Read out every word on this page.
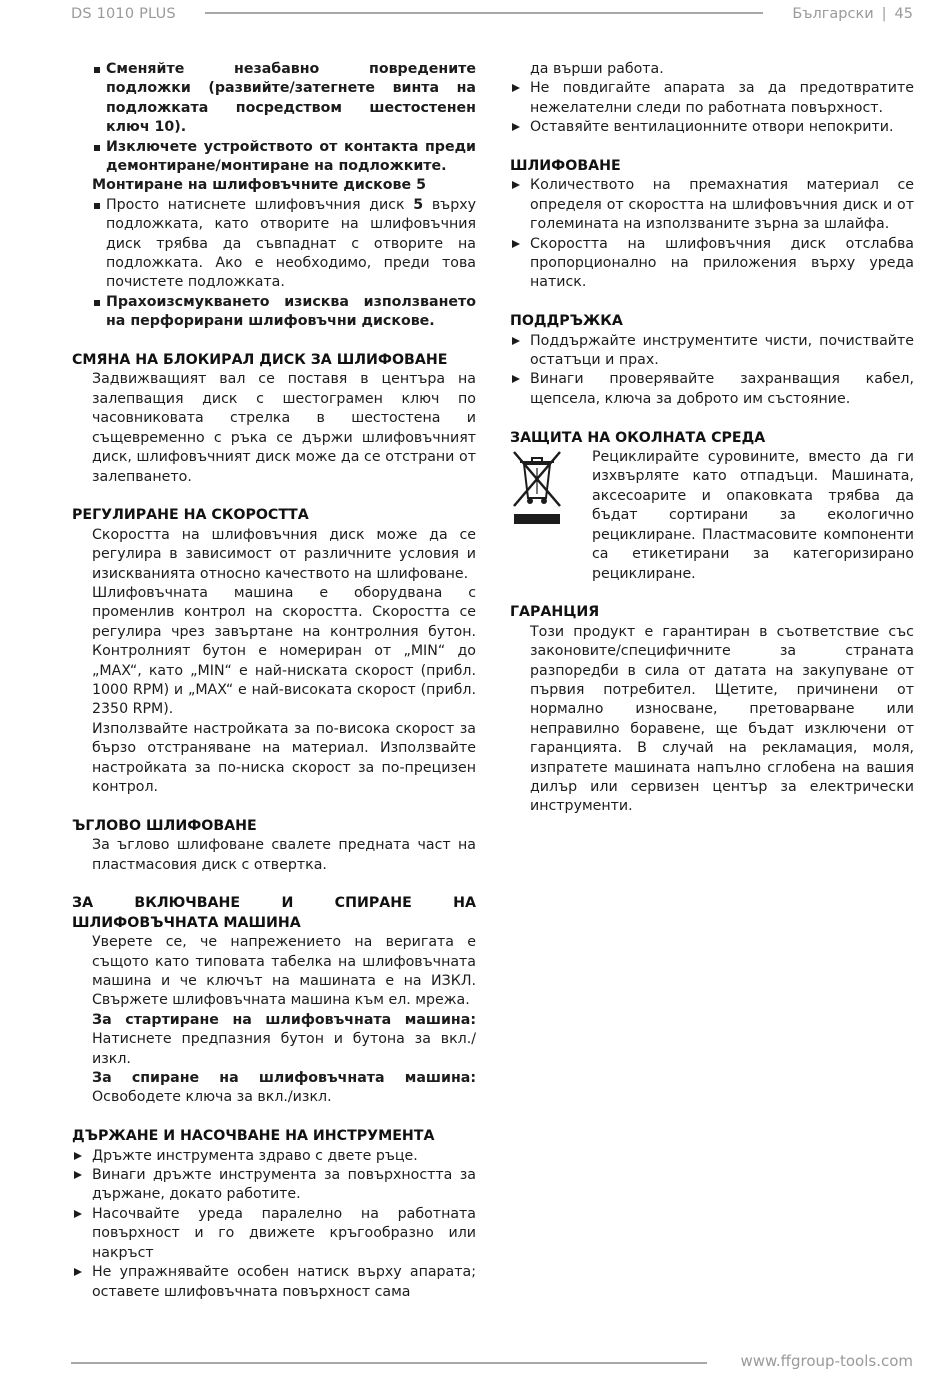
DS 1010 PLUS	Български | 45
Сменяйте незабавно повредените подложки (развийте/затегнете винта на подложката посредством шестостенен ключ 10).
Изключете устройството от контакта преди демонтиране/монтиране на подложките.

Монтиране на шлифовъчните дискове 5

Просто натиснете шлифовъчния диск 5 върху подложката, като отворите на шлифовъчния диск трябва да съвпаднат с отворите на подложката. Ако е необходимо, преди това почистете подложката.
Прахоизсмукването изисква използването на перфорирани шлифовъчни дискове.

СМЯНА НА БЛОКИРАЛ ДИСК ЗА ШЛИФОВАНЕ

Задвижващият вал се поставя в центъра на залепващия диск с шестограмен ключ по часовниковата стрелка в шестостена и същевременно с ръка се държи шлифовъчният диск, шлифовъчният диск може да се отстрани от залепването.

РЕГУЛИРАНЕ НА СКОРОСТТА

Скоростта на шлифовъчния диск може да се регулира в зависимост от различните условия и изискванията относно качеството на шлифоване.

Шлифовъчната машина е оборудвана с променлив контрол на скоростта. Скоростта се регулира чрез завъртане на контролния бутон. Контролният бутон е номериран от „MIN“ до „MAX“, като „MIN“ е най-ниската скорост (прибл. 1000 RPM) и „MAX“ е най-високата скорост (прибл. 2350 RPM).

Използвайте настройката за по-висока скорост за бързо отстраняване на материал. Използвайте настройката за по-ниска скорост за по-прецизен контрол.

ЪГЛОВО ШЛИФОВАНЕ

За ъглово шлифоване свалете предната част на пластмасовия диск с отвертка.

ЗА ВКЛЮЧВАНЕ И СПИРАНЕ НА ШЛИФОВЪЧНАТА МАШИНА

Уверете се, че напрежението на веригата е същото като типовата табелка на шлифовъчната машина и че ключът на машината е на ИЗКЛ. Свържете шлифовъчната машина към ел. мрежа.

За стартиране на шлифовъчната машина: Натиснете предпазния бутон и бутона за вкл./изкл.

За спиране на шлифовъчната машина: Освободете ключа за вкл./изкл.

ДЪРЖАНЕ И НАСОЧВАНЕ НА ИНСТРУМЕНТА

Дръжте инструмента здраво с двете ръце.
Винаги дръжте инструмента за повърхността за държане, докато работите.
Насочвайте уреда паралелно на работната повърхност и го движете кръгообразно или накръст
Не упражнявайте особен натиск върху апарата; оставете шлифовъчната повърхност сама

да върши работа.

Не повдигайте апарата за да предотвратите нежелателни следи по работната повърхност.
Оставяйте вентилационните отвори непокрити.

ШЛИФОВАНЕ

Количеството на премахнатия материал се определя от скоростта на шлифовъчния диск и от големината на използваните зърна за шлайфа.
Скоростта на шлифовъчния диск отслабва пропорционално на приложения върху уреда натиск.

ПОДДРЪЖКА

Поддържайте инструментите чисти, почиствайте остатъци и прах.
Винаги проверявайте захранващия кабел, щепсела, ключа за доброто им състояние.

ЗАЩИТА НА ОКОЛНАТА СРЕДА

Рециклирайте суровините, вместо да ги изхвърляте като отпадъци. Машината, аксесоарите и опаковката трябва да бъдат сортирани за екологично рециклиране. Пластмасовите компоненти са етикетирани за категоризирано рециклиране.

ГАРАНЦИЯ

Този продукт е гарантиран в съответствие със законовите/специфичните за страната разпоредби в сила от датата на закупуване от първия потребител. Щетите, причинени от нормално износване, претоварване или неправилно боравене, ще бъдат изключени от гаранцията. В случай на рекламация, моля, изпратете машината напълно сглобена на вашия дилър или сервизен център за електрически инструменти.

www.ffgroup-tools.com
